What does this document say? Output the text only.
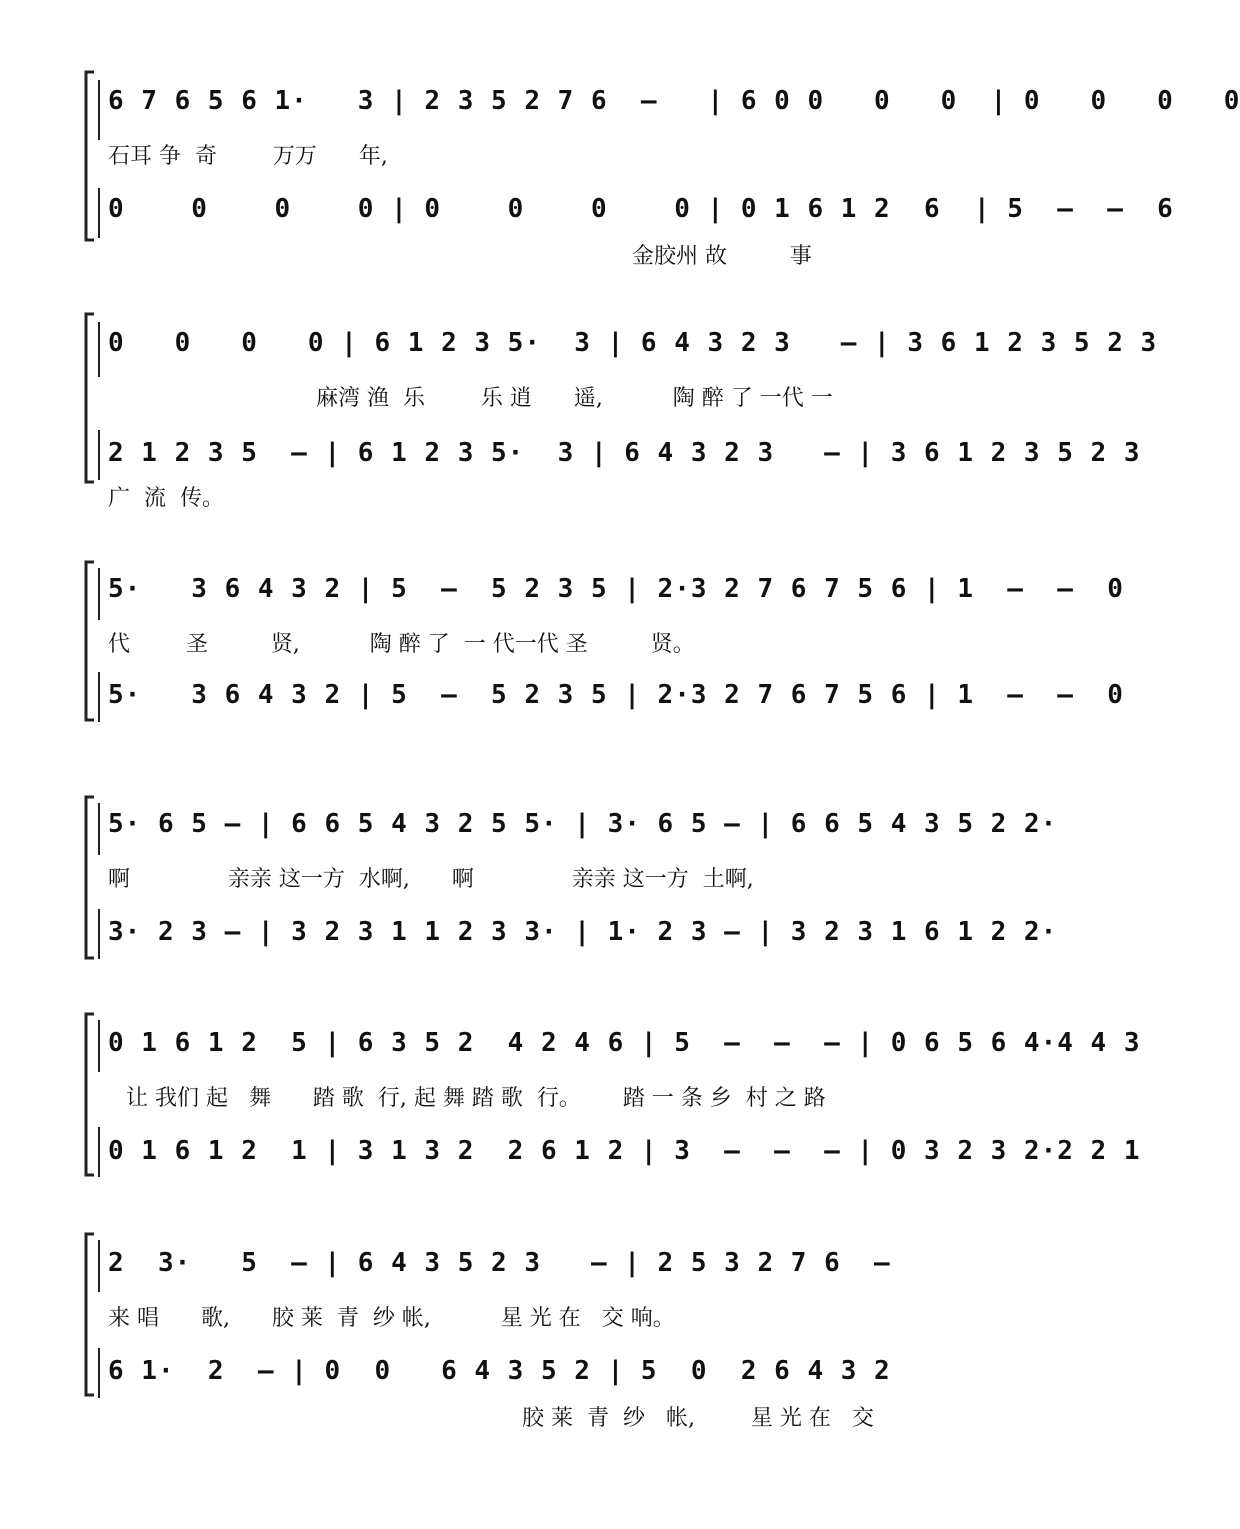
6 7 6 5 6 1·   3 | 2 3 5 2 7 6  –   | 6 0 0   0   0  | 0   0   0   0
石耳 争  奇        万万      年,
0    0    0    0 | 0    0    0    0 | 0 1 6 1 2  6  | 5  –  –  6
金胶州 故         事
0   0   0   0 | 6 1 2 3 5·  3 | 6 4 3 2 3   – | 3 6 1 2 3 5 2 3
麻湾 渔  乐        乐 逍      遥,          陶 醉 了 一代 一
2 1 2 3 5  – | 6 1 2 3 5·  3 | 6 4 3 2 3   – | 3 6 1 2 3 5 2 3
广  流  传。
5·   3 6 4 3 2 | 5  –  5 2 3 5 | 2·3 2 7 6 7 5 6 | 1  –  –  0
代        圣         贤,          陶 醉 了  一 代一代 圣         贤。
5·   3 6 4 3 2 | 5  –  5 2 3 5 | 2·3 2 7 6 7 5 6 | 1  –  –  0
5· 6 5 – | 6 6 5 4 3 2 5 5· | 3· 6 5 – | 6 6 5 4 3 5 2 2·
啊              亲亲 这一方  水啊,      啊              亲亲 这一方  土啊,
3· 2 3 – | 3 2 3 1 1 2 3 3· | 1· 2 3 – | 3 2 3 1 6 1 2 2·
0 1 6 1 2  5 | 6 3 5 2  4 2 4 6 | 5  –  –  – | 0 6 5 6 4·4 4 3
让 我们 起   舞      踏 歌  行, 起 舞 踏 歌  行。      踏 一 条 乡  村 之 路
0 1 6 1 2  1 | 3 1 3 2  2 6 1 2 | 3  –  –  – | 0 3 2 3 2·2 2 1
2  3·   5  – | 6 4 3 5 2 3   – | 2 5 3 2 7 6  –
来 唱      歌,      胶 莱  青  纱 帐,          星 光 在   交 响。
6 1·  2  – | 0  0   6 4 3 5 2 | 5  0  2 6 4 3 2
胶 莱  青  纱   帐,        星 光 在   交
